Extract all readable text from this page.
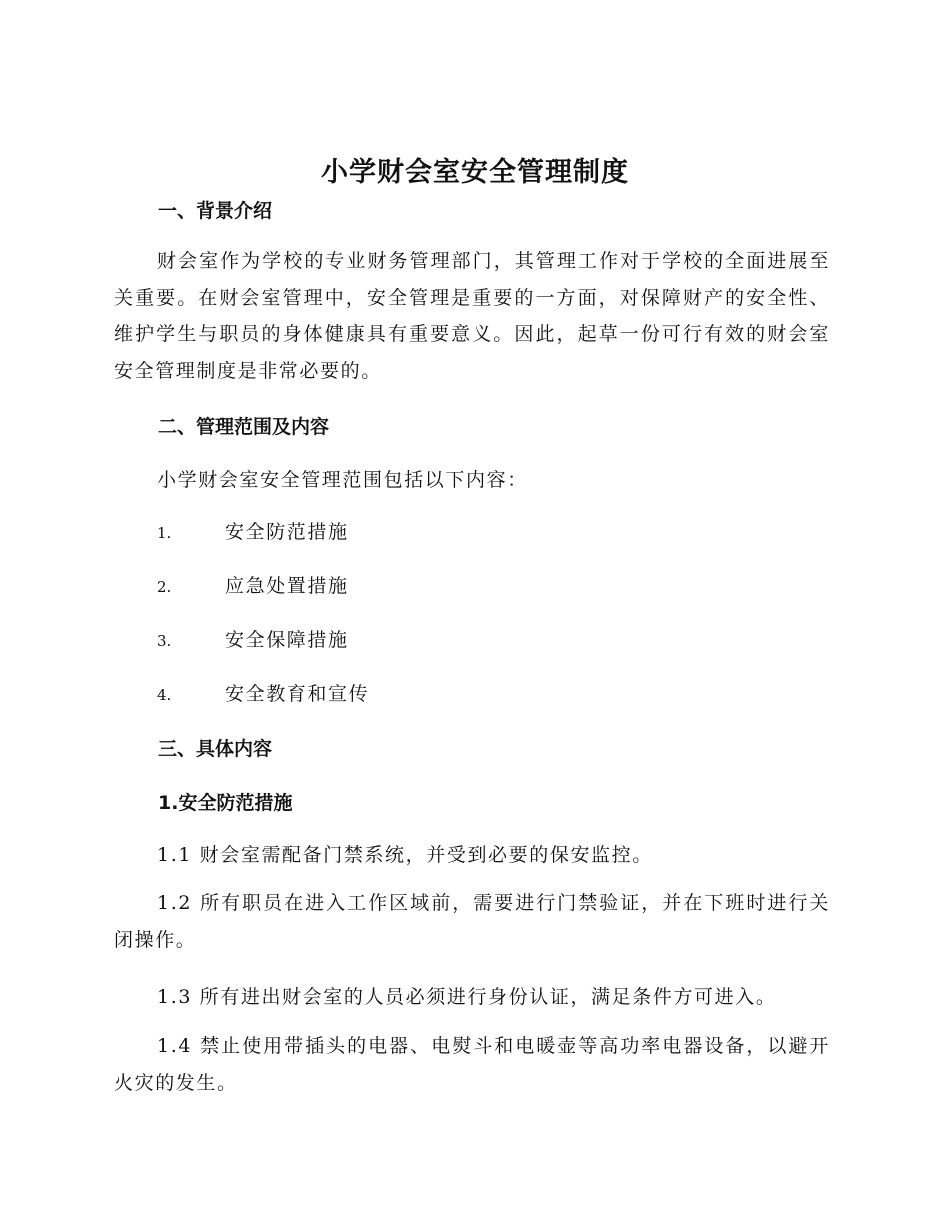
小学财会室安全管理制度
一、背景介绍
财会室作为学校的专业财务管理部门，其管理工作对于学校的全面进展至关重要。在财会室管理中，安全管理是重要的一方面，对保障财产的安全性、维护学生与职员的身体健康具有重要意义。因此，起草一份可行有效的财会室安全管理制度是非常必要的。
二、管理范围及内容
小学财会室安全管理范围包括以下内容：
1.	安全防范措施
2.	应急处置措施
3.	安全保障措施
4.	安全教育和宣传
三、具体内容
1.安全防范措施
1.1 财会室需配备门禁系统，并受到必要的保安监控。
1.2 所有职员在进入工作区域前，需要进行门禁验证，并在下班时进行关闭操作。
1.3 所有进出财会室的人员必须进行身份认证，满足条件方可进入。
1.4 禁止使用带插头的电器、电熨斗和电暖壶等高功率电器设备，以避开火灾的发生。
